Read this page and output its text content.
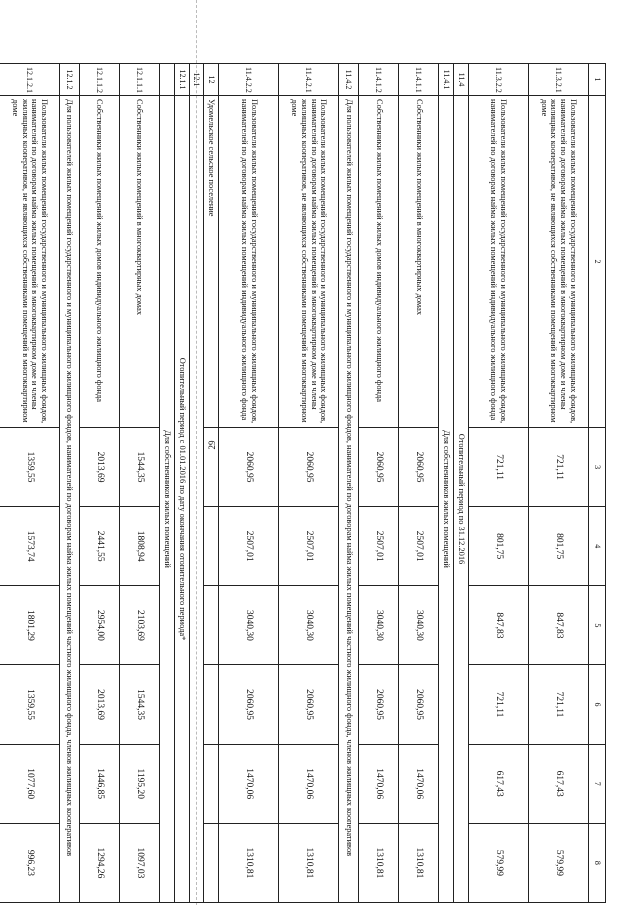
29
1	2	3	4	5	6	7	8
11.3.2.1	Пользователи жилых помещений государственного и муниципального жилищных фондов, нанимателей по договорам найма жилых помещений в многоквартирном доме и члены жилищных кооперативов, не являющихся собственниками помещений в многоквартирном доме	721,11	801,75	847,83	721,11	617,43	579,99
11.3.2.2	Пользователи жилых помещений государственного и муниципального жилищных фондов, нанимателей по договорам найма жилых помещений индивидуального жилищного фонда	721,11	801,75	847,83	721,11	617,43	579,99
11.4	Отопительный период по 31.12.2016						
11.4.1	Для собственников жилых помещений						
11.4.1.1	Собственники жилых помещений в многоквартирных домах	2060,95	2507,01	3040,30	2060,95	1470,06	1310,81
11.4.1.2	Собственники жилых помещений жилых домов индивидуального жилищного фонда	2060,95	2507,01	3040,30	2060,95	1470,06	1310,81
11.4.2	Для пользователей жилых помещений государственного и муниципального жилищного фондов, нанимателей по договорам найма жилых помещений частного жилищного фонда, членов жилищных кооперативов						
11.4.2.1	Пользователи жилых помещений государственного и муниципального жилищных фондов, нанимателей по договорам найма жилых помещений в многоквартирном доме и члены жилищных кооперативов, не являющихся собственниками помещений в многоквартирном доме	2060,95	2507,01	3040,30	2060,95	1470,06	1310,81
11.4.2.2	Пользователи жилых помещений государственного и муниципального жилищных фондов, нанимателей по договорам найма жилых помещений индивидуального жилищного фонда	2060,95	2507,01	3040,30	2060,95	1470,06	1310,81
12	Удомельское сельское поселение						
12.1							
12.1.1	Отопительный период с 01.01.2016 по дату окончания отопительного периода*						
	Для собственников жилых помещений						
12.1.1.1	Собственники жилых помещений в многоквартирных домах	1544,35	1808,94	2103,69	1544,35	1195,20	1097,03
12.1.1.2	Собственники жилых помещений жилых домов индивидуального жилищного фонда	2013,69	2441,55	2954,00	2013,69	1446,85	1294,26
12.1.2	Для пользователей жилых помещений государственного и муниципального жилищного фондов, нанимателей по договорам найма жилых помещений частного жилищного фонда, членов жилищных кооперативов						
12.1.2.1	Пользователи жилых помещений государственного и муниципального жилищных фондов, нанимателей по договорам найма жилых помещений в многоквартирном доме и члены жилищных кооперативов, не являющихся собственниками помещений в многоквартирном доме	1359,55	1573,74	1801,29	1359,55	1077,60	996,23
